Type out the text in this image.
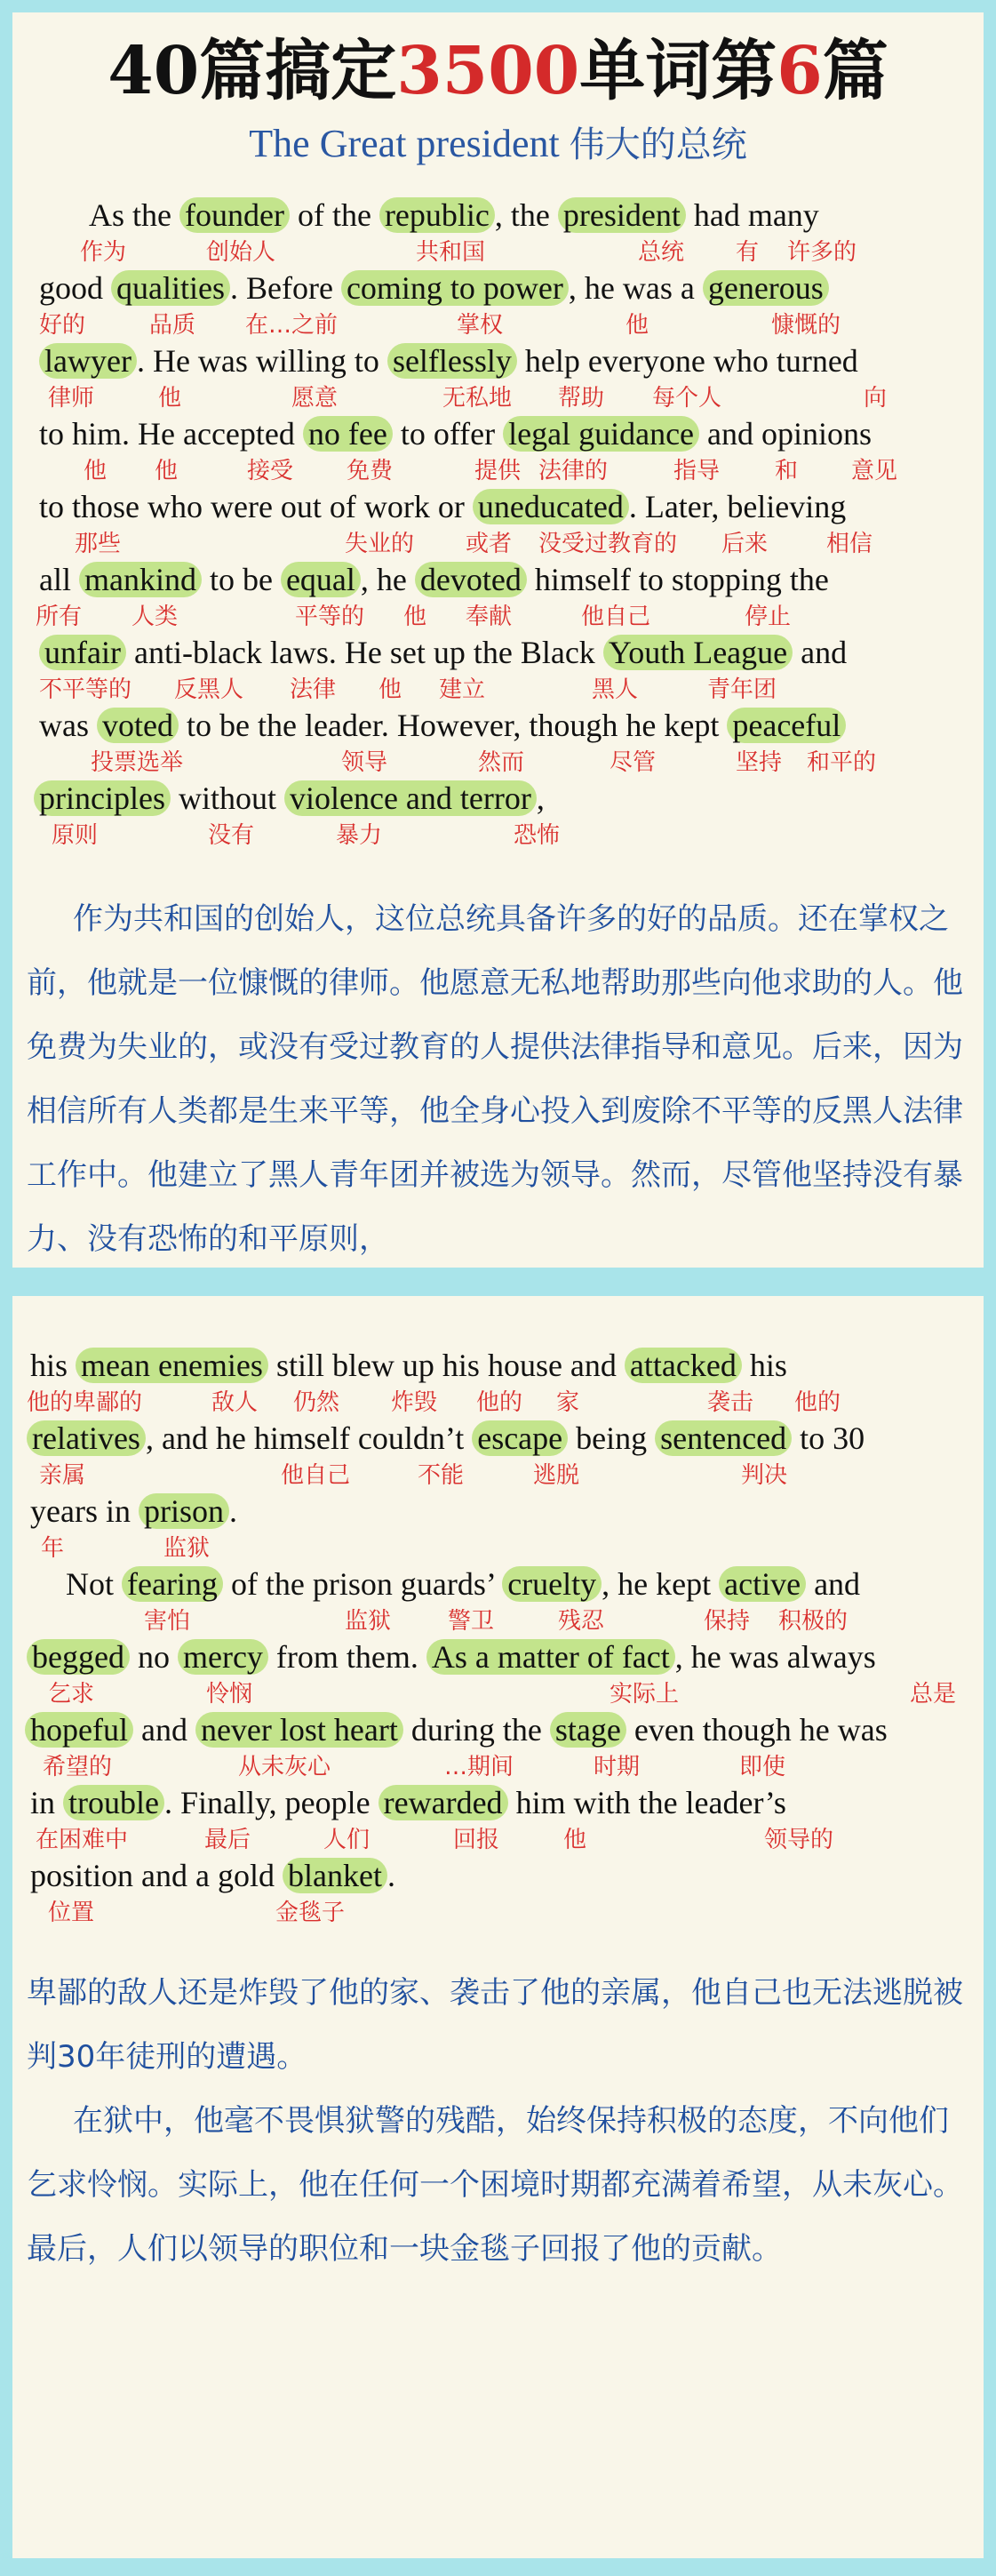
40篇搞定3500单词第6篇
The Great president 伟大的总统
As the founder of the republic , the president had many
作为	创始人	共和国	总统 有 许多的
good qualities . Before coming to power , he was a generous
好的	品质 在…之前	掌权	他	慷慨的
lawyer . He was willing to selflessly help everyone who turned
律师	他	愿意	无私地 帮助 每个人	向
to him. He accepted no fee to offer legal guidance and opinions
他 他	接受 免费	提供 法律的	指导 和 意见
to those who were out of work or uneducated . Later, believing
那些	失业的 或者 没受过教育的 后来	相信
all mankind to be equal , he devoted himself to stopping the
所有 人类	平等的 他 奉献	他自己	停止
unfair anti-black laws. He set up the Black Youth League and
不平等的 反黑人 法律 他 建立	黑人	青年团
was voted to be the leader. However, though he kept peaceful
投票选举	领导	然而	尽管	坚持 和平的
principles without violence and terror ,
原则	没有	暴力	恐怖

作为共和国的创始人，这位总统具备许多的好的品质。还在掌权之前，他就是一位慷慨的律师。他愿意无私地帮助那些向他求助的人。他免费为失业的，或没有受过教育的人提供法律指导和意见。后来，因为相信所有人类都是生来平等，他全身心投入到废除不平等的反黑人法律工作中。他建立了黑人青年团并被选为领导。然而，尽管他坚持没有暴力、没有恐怖的和平原则，

his mean enemies still blew up his house and attacked his
他的卑鄙的	敌人 仍然 炸毁 他的 家	袭击 他的
relatives , and he himself couldn’t escape being sentenced to 30
亲属	他自己	不能	逃脱	判决
years in prison .
年	监狱
Not fearing of the prison guards’ cruelty , he kept active and
害怕	监狱 警卫	残忍	保持 积极的
begged no mercy from them. As a matter of fact , he was always
乞求	怜悯	实际上	总是
hopeful and never lost heart during the stage even though he was
希望的	从未灰心	…期间	时期	即使
in trouble . Finally, people rewarded him with the leader’s
在困难中	最后	人们	回报	他	领导的
position and a gold blanket .
位置	金毯子

卑鄙的敌人还是炸毁了他的家、袭击了他的亲属，他自己也无法逃脱被判30年徒刑的遭遇。

在狱中，他毫不畏惧狱警的残酷，始终保持积极的态度，不向他们乞求怜悯。实际上，他在任何一个困境时期都充满着希望，从未灰心。最后，人们以领导的职位和一块金毯子回报了他的贡献。
